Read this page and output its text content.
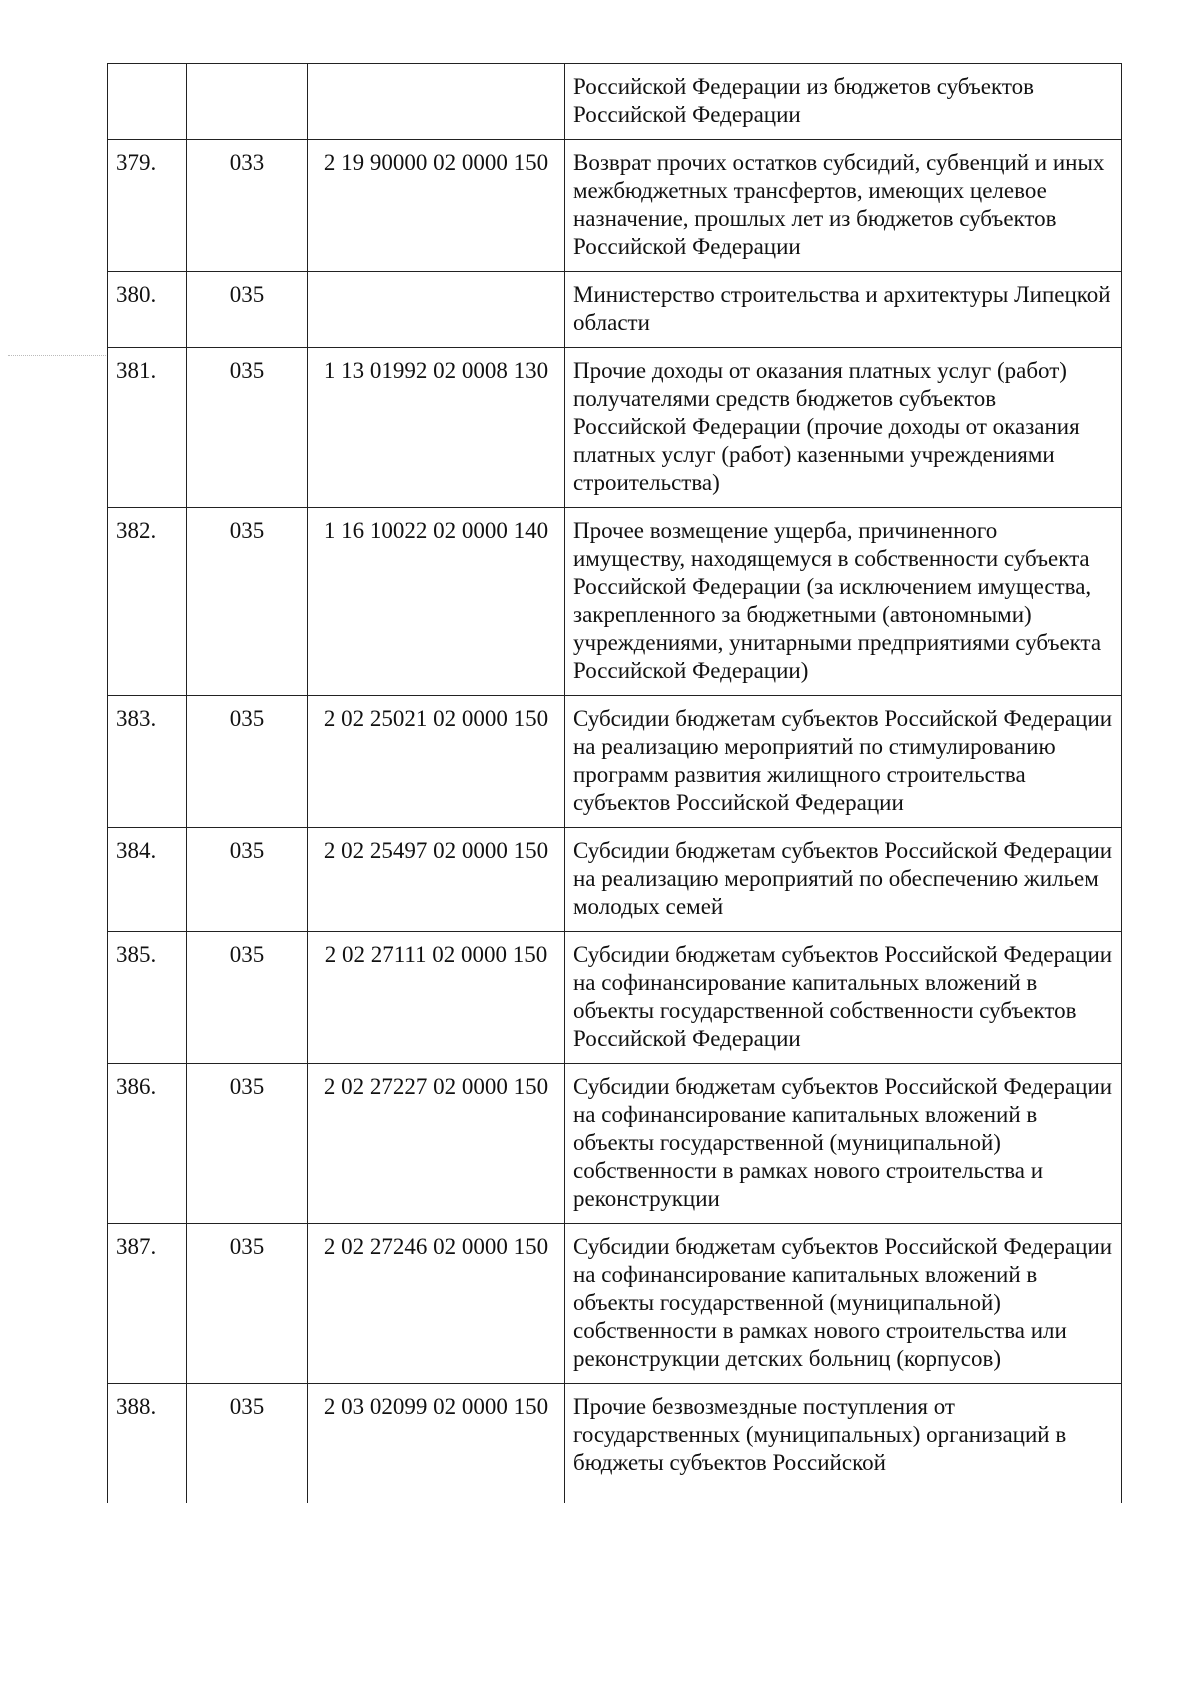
			Российской Федерации из бюджетов субъектов Российской Федерации
379.	033	2 19 90000 02 0000 150	Возврат прочих остатков субсидий, субвенций и иных межбюджетных трансфертов, имеющих целевое назначение, прошлых лет из бюджетов субъектов Российской Федерации
380.	035		Министерство строительства и архитектуры Липецкой области
381.	035	1 13 01992 02 0008 130	Прочие доходы от оказания платных услуг (работ) получателями средств бюджетов субъектов Российской Федерации (прочие доходы от оказания платных услуг (работ) казенными учреждениями строительства)
382.	035	1 16 10022 02 0000 140	Прочее возмещение ущерба, причиненного имуществу, находящемуся в собственности субъекта Российской Федерации (за исключением имущества, закрепленного за бюджетными (автономными) учреждениями, унитарными предприятиями субъекта Российской Федерации)
383.	035	2 02 25021 02 0000 150	Субсидии бюджетам субъектов Российской Федерации на реализацию мероприятий по стимулированию программ развития жилищного строительства субъектов Российской Федерации
384.	035	2 02 25497 02 0000 150	Субсидии бюджетам субъектов Российской Федерации на реализацию мероприятий по обеспечению жильем молодых семей
385.	035	2 02 27111 02 0000 150	Субсидии бюджетам субъектов Российской Федерации на софинансирование капитальных вложений в объекты государственной собственности субъектов Российской Федерации
386.	035	2 02 27227 02 0000 150	Субсидии бюджетам субъектов Российской Федерации на софинансирование капитальных вложений в объекты государственной (муниципальной) собственности в рамках нового строительства и реконструкции
387.	035	2 02 27246 02 0000 150	Субсидии бюджетам субъектов Российской Федерации на софинансирование капитальных вложений в объекты государственной (муниципальной) собственности в рамках нового строительства или реконструкции детских больниц (корпусов)
388.	035	2 03 02099 02 0000 150	Прочие безвозмездные поступления от государственных (муниципальных) организаций в бюджеты субъектов Российской
